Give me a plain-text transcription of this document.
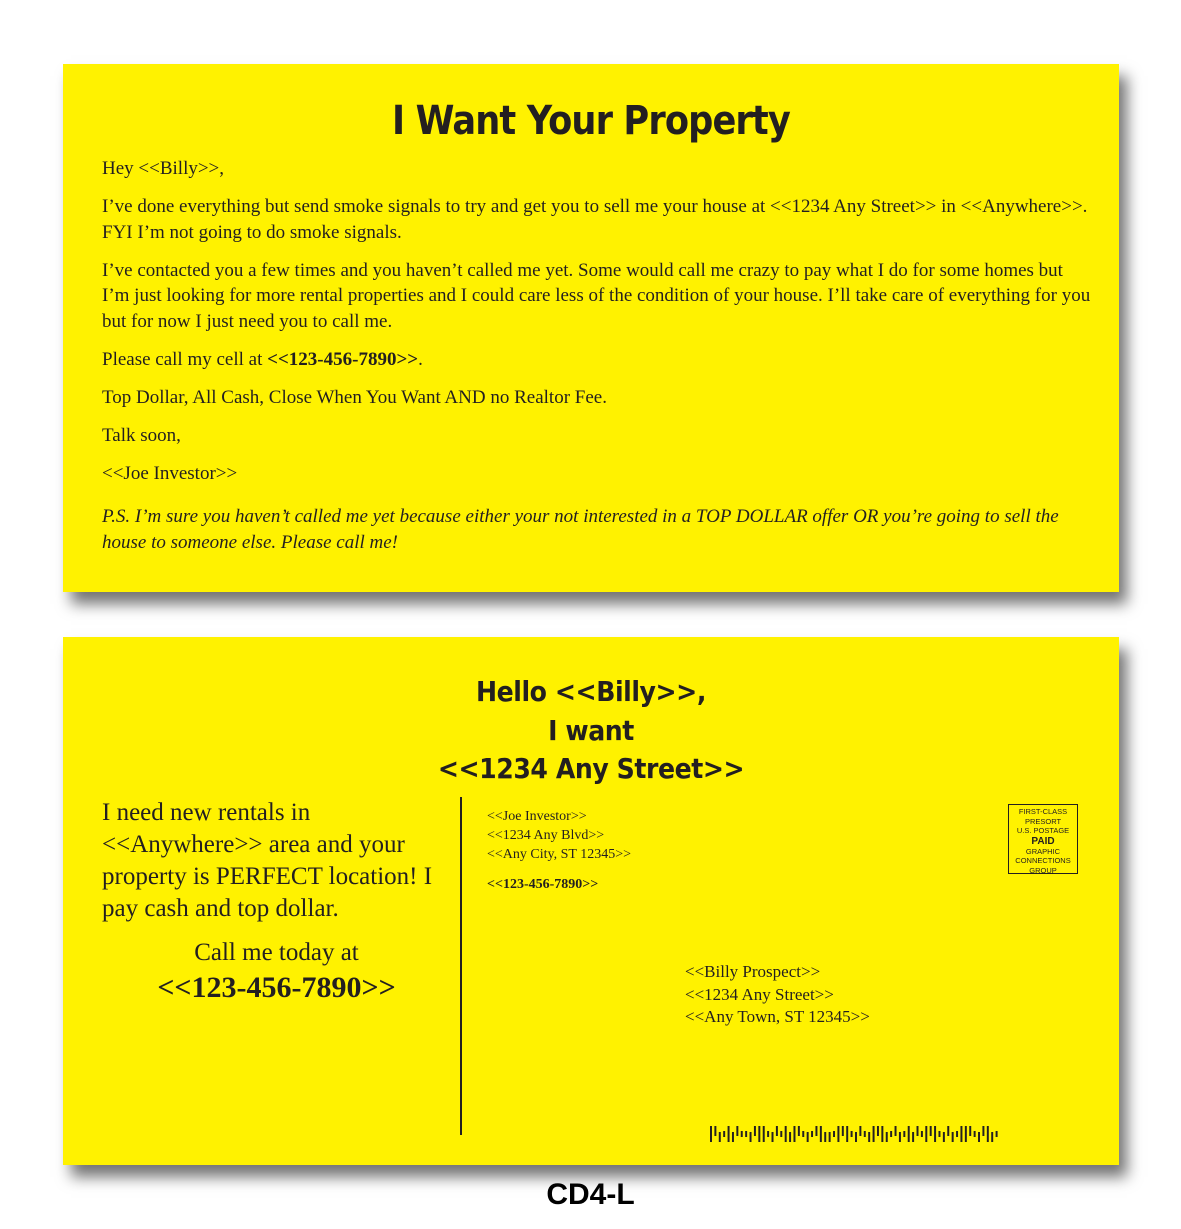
I Want Your Property

Hey <<Billy>>,

I’ve done everything but send smoke signals to try and get you to sell me your house at <<1234 Any Street>> in <<Anywhere>>. FYI I’m not going to do smoke signals.

I’ve contacted you a few times and you haven’t called me yet. Some would call me crazy to pay what I do for some homes but I’m just looking for more rental properties and I could care less of the condition of your house. I’ll take care of everything for you but for now I just need you to call me.

Please call my cell at <<123-456-7890>>.

Top Dollar, All Cash, Close When You Want AND no Realtor Fee.

Talk soon,

<<Joe Investor>>

P.S. I’m sure you haven’t called me yet because either your not interested in a TOP DOLLAR offer OR you’re going to sell the house to someone else. Please call me!

Hello <<Billy>>,
I want
<<1234 Any Street>>
I need new rentals in <<Anywhere>> area and your property is PERFECT location! I pay cash and top dollar.
Call me today at
<<123-456-7890>>
<<Joe Investor>>
<<1234 Any Blvd>>
<<Any City, ST 12345>>
<<123-456-7890>>
FIRST-CLASS
PRESORT
U.S. POSTAGE
PAID
GRAPHIC
CONNECTIONS
GROUP
<<Billy Prospect>>
<<1234 Any Street>>
<<Any Town, ST 12345>>
CD4-L
